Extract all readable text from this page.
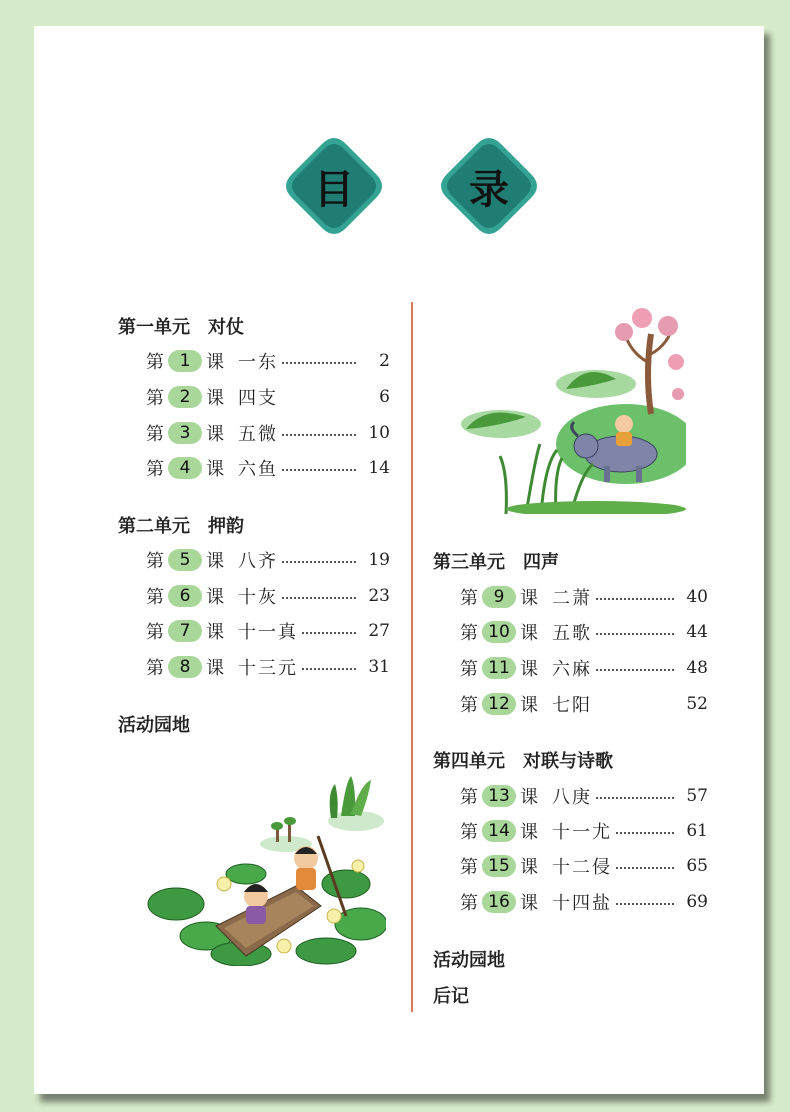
目	录
第一单元 对仗
第 1 课 一东	2
第 2 课 四支	6
第 3 课 五微	10
第 4 课 六鱼	14
第二单元 押韵
第 5 课 八齐	19
第 6 课 十灰	23
第 7 课 十一真	27
第 8 课 十三元	31
活动园地
第三单元 四声
第 9 课 二萧	40
第 10 课 五歌	44
第 11 课 六麻	48
第 12 课 七阳	52
第四单元 对联与诗歌
第 13 课 八庚	57
第 14 课 十一尤	61
第 15 课 十二侵	65
第 16 课 十四盐	69
活动园地
后记
